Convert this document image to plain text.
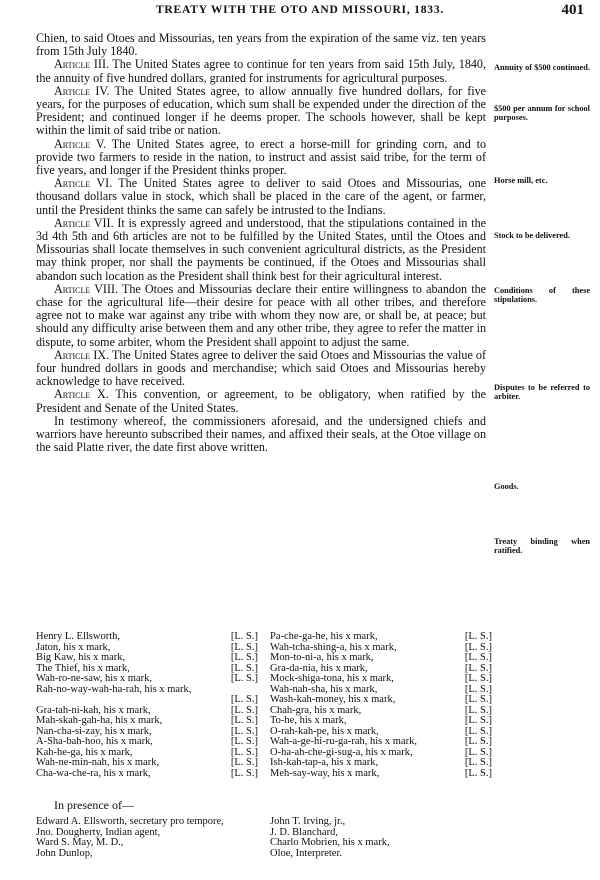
TREATY WITH THE OTO AND MISSOURI, 1833.	401

Chien, to said Otoes and Missourias, ten years from the expiration of the same viz. ten years from 15th July 1840.

Article III. The United States agree to continue for ten years from said 15th July, 1840, the annuity of five hundred dollars, granted for instruments for agricultural purposes.

Article IV. The United States agree, to allow annually five hundred dollars, for five years, for the purposes of education, which sum shall be expended under the direction of the President; and continued longer if he deems proper. The schools however, shall be kept within the limit of said tribe or nation.

Article V. The United States agree, to erect a horse-mill for grinding corn, and to provide two farmers to reside in the nation, to instruct and assist said tribe, for the term of five years, and longer if the President thinks proper.

Article VI. The United States agree to deliver to said Otoes and Missourias, one thousand dollars value in stock, which shall be placed in the care of the agent, or farmer, until the President thinks the same can safely be intrusted to the Indians.

Article VII. It is expressly agreed and understood, that the stipulations contained in the 3d 4th 5th and 6th articles are not to be fulfilled by the United States, until the Otoes and Missourias shall locate themselves in such convenient agricultural districts, as the President may think proper, nor shall the payments be continued, if the Otoes and Missourias shall abandon such location as the President shall think best for their agricultural interest.

Article VIII. The Otoes and Missourias declare their entire willingness to abandon the chase for the agricultural life—their desire for peace with all other tribes, and therefore agree not to make war against any tribe with whom they now are, or shall be, at peace; but should any difficulty arise between them and any other tribe, they agree to refer the matter in dispute, to some arbiter, whom the President shall appoint to adjust the same.

Article IX. The United States agree to deliver the said Otoes and Missourias the value of four hundred dollars in goods and merchandise; which said Otoes and Missourias hereby acknowledge to have received.

Article X. This convention, or agreement, to be obligatory, when ratified by the President and Senate of the United States.

In testimony whereof, the commissioners aforesaid, and the undersigned chiefs and warriors have hereunto subscribed their names, and affixed their seals, at the Otoe village on the said Platte river, the date first above written.

Annuity of $500 continued.
$500 per annum for school purposes.
Horse mill, etc.
Stock to be delivered.
Conditions of these stipulations.
Disputes to be referred to arbiter.
Goods.
Treaty binding when ratified.
Henry L. Ellsworth,	[L. S.]
Jaton, his x mark,	[L. S.]
Big Kaw, his x mark,	[L. S.]
The Thief, his x mark,	[L. S.]
Wah-ro-ne-saw, his x mark,	[L. S.]
Rah-no-way-wah-ha-rah, his x mark,
[L. S.]
Gra-tah-ni-kah, his x mark,	[L. S.]
Mah-skah-gah-ha, his x mark,	[L. S.]
Nan-cha-si-zay, his x mark,	[L. S.]
A-Sha-bah-hoo, his x mark,	[L. S.]
Kah-he-ga, his x mark,	[L. S.]
Wah-ne-min-nah, his x mark,	[L. S.]
Cha-wa-che-ra, his x mark,	[L. S.]
Pa-che-ga-he, his x mark,	[L. S.]
Wah-tcha-shing-a, his x mark,	[L. S.]
Mon-to-ni-a, his x mark,	[L. S.]
Gra-da-nia, his x mark,	[L. S.]
Mock-shiga-tona, his x mark,	[L. S.]
Wah-nah-sha, his x mark,	[L. S.]
Wash-kah-money, his x mark,	[L. S.]
Chah-gra, his x mark,	[L. S.]
To-he, his x mark,	[L. S.]
O-rah-kah-pe, his x mark,	[L. S.]
Wah-a-ge-hi-ru-ga-rah, his x mark,	[L. S.]
O-ha-ah-che-gi-sug-a, his x mark,	[L. S.]
Ish-kah-tap-a, his x mark,	[L. S.]
Meh-say-way, his x mark,	[L. S.]
In presence of—
Edward A. Ellsworth, secretary pro tempore,
Jno. Dougherty, Indian agent,
Ward S. May, M. D.,
John Dunlop,
John T. Irving, jr.,
J. D. Blanchard,
Charlo Mobrien, his x mark,
Oloe, Interpreter.
